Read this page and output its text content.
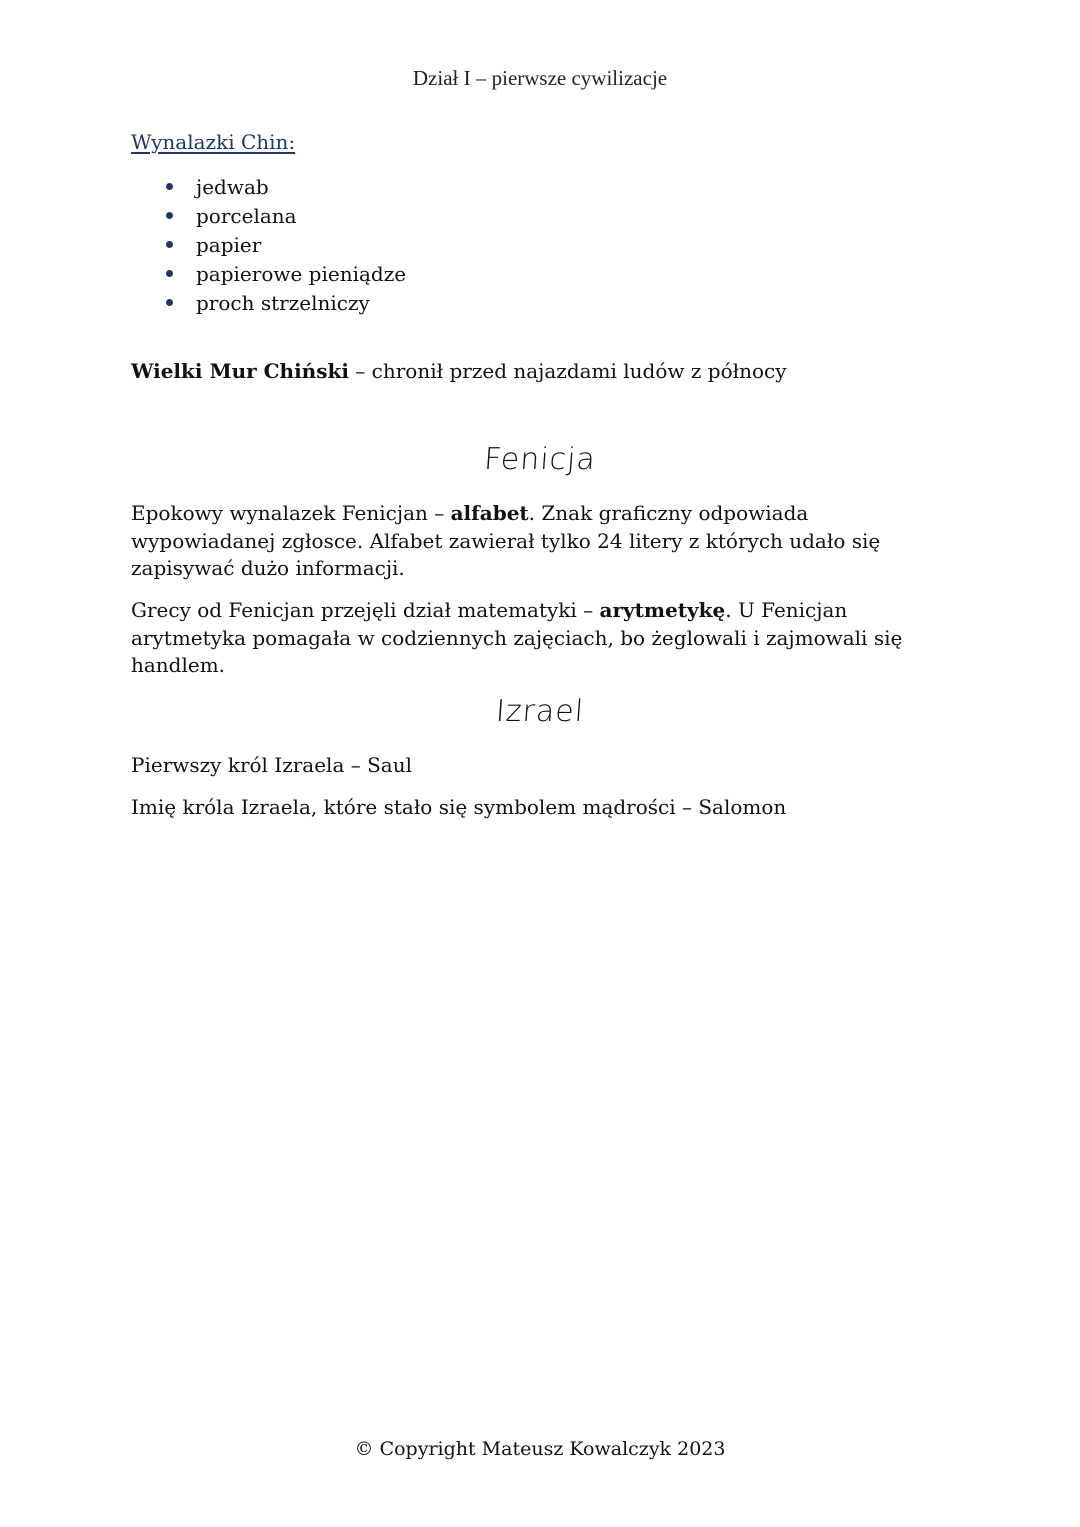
Dział I – pierwsze cywilizacje
Wynalazki Chin:
jedwab
porcelana
papier
papierowe pieniądze
proch strzelniczy

Wielki Mur Chiński – chronił przed najazdami ludów z północy

Fenicja

Epokowy wynalazek Fenicjan – alfabet. Znak graficzny odpowiada wypowiadanej zgłosce. Alfabet zawierał tylko 24 litery z których udało się zapisywać dużo informacji.

Grecy od Fenicjan przejęli dział matematyki – arytmetykę. U Fenicjan arytmetyka pomagała w codziennych zajęciach, bo żeglowali i zajmowali się handlem.

Izrael

Pierwszy król Izraela – Saul

Imię króla Izraela, które stało się symbolem mądrości – Salomon

© Copyright Mateusz Kowalczyk 2023
